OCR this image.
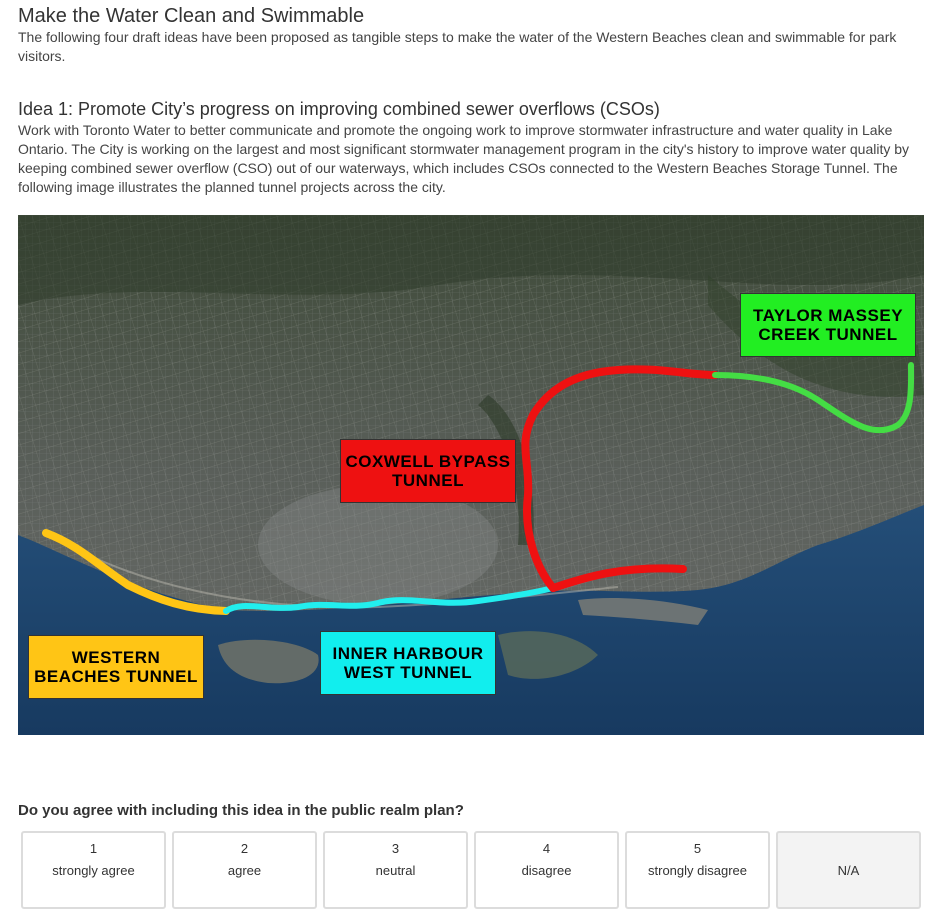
Make the Water Clean and Swimmable

The following four draft ideas have been proposed as tangible steps to make the water of the Western Beaches clean and swimmable for park visitors.

Idea 1: Promote City’s progress on improving combined sewer overflows (CSOs)

Work with Toronto Water to better communicate and promote the ongoing work to improve stormwater infrastructure and water quality in Lake Ontario. The City is working on the largest and most significant stormwater management program in the city's history to improve water quality by keeping combined sewer overflow (CSO) out of our waterways, which includes CSOs connected to the Western Beaches Storage Tunnel. The following image illustrates the planned tunnel projects across the city.

TAYLOR MASSEY CREEK TUNNEL
COXWELL BYPASS TUNNEL
WESTERN BEACHES TUNNEL
INNER HARBOUR WEST TUNNEL

Do you agree with including this idea in the public realm plan?

1
strongly agree
2
agree
3
neutral
4
disagree
5
strongly disagree	N/A
